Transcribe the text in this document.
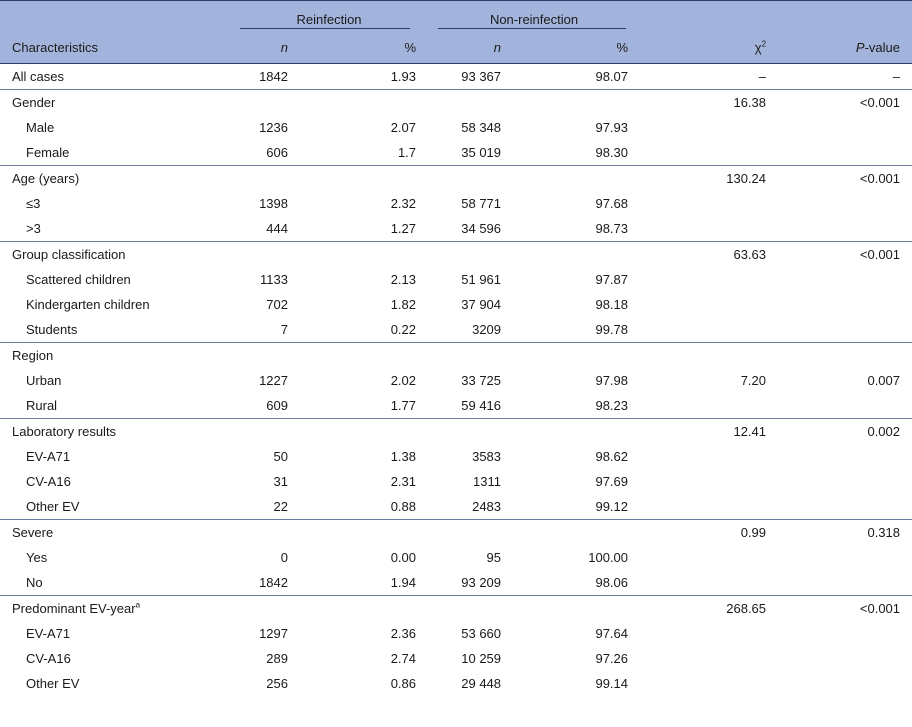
	Reinfection		Non-reinfection	

Characteristics	n	%	n	%	$\chi^2$	P-value
All cases	1842	1.93	93 367	98.07	–	–
Gender					16.38	<0.001
Male	1236	2.07	58 348	97.93		
Female	606	1.7	35 019	98.30		
Age (years)					130.24	<0.001
≤3	1398	2.32	58 771	97.68		
>3	444	1.27	34 596	98.73		
Group classification					63.63	<0.001
Scattered children	1133	2.13	51 961	97.87		
Kindergarten children	702	1.82	37 904	98.18		
Students	7	0.22	3209	99.78		
Region						
Urban	1227	2.02	33 725	97.98	7.20	0.007
Rural	609	1.77	59 416	98.23		
Laboratory results					12.41	0.002
EV-A71	50	1.38	3583	98.62		
CV-A16	31	2.31	1311	97.69		
Other EV	22	0.88	2483	99.12		
Severe					0.99	0.318
Yes	0	0.00	95	100.00		
No	1842	1.94	93 209	98.06		
Predominant EV-year$^a$					268.65	<0.001
EV-A71	1297	2.36	53 660	97.64		
CV-A16	289	2.74	10 259	97.26		
Other EV	256	0.86	29 448	99.14		
